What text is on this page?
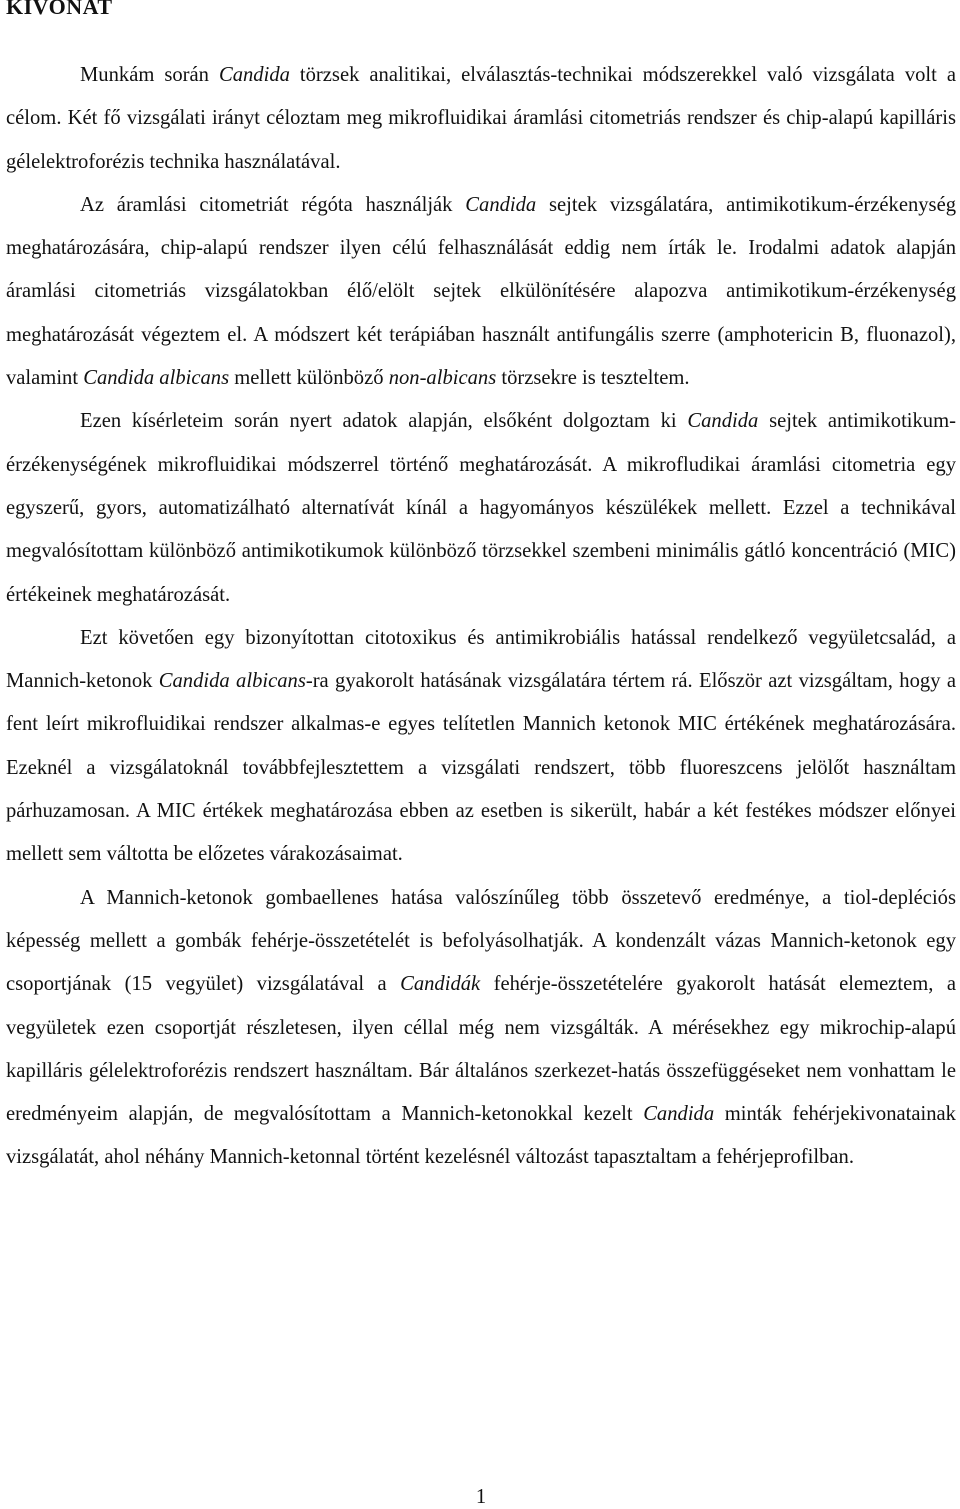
KIVONAT

Munkám során Candida törzsek analitikai, elválasztás-technikai módszerekkel való vizsgálata volt a célom. Két fő vizsgálati irányt céloztam meg mikrofluidikai áramlási citometriás rendszer és chip-alapú kapilláris gélelektroforézis technika használatával.

Az áramlási citometriát régóta használják Candida sejtek vizsgálatára, antimikotikum-érzékenység meghatározására, chip-alapú rendszer ilyen célú felhasználását eddig nem írták le. Irodalmi adatok alapján áramlási citometriás vizsgálatokban élő/elölt sejtek elkülönítésére alapozva antimikotikum-érzékenység meghatározását végeztem el. A módszert két terápiában használt antifungális szerre (amphotericin B, fluonazol), valamint Candida albicans mellett különböző non-albicans törzsekre is teszteltem.

Ezen kísérleteim során nyert adatok alapján, elsőként dolgoztam ki Candida sejtek antimikotikum-érzékenységének mikrofluidikai módszerrel történő meghatározását. A mikrofludikai áramlási citometria egy egyszerű, gyors, automatizálható alternatívát kínál a hagyományos készülékek mellett. Ezzel a technikával megvalósítottam különböző antimikotikumok különböző törzsekkel szembeni minimális gátló koncentráció (MIC) értékeinek meghatározását.

Ezt követően egy bizonyítottan citotoxikus és antimikrobiális hatással rendelkező vegyületcsalád, a Mannich-ketonok Candida albicans-ra gyakorolt hatásának vizsgálatára tértem rá. Először azt vizsgáltam, hogy a fent leírt mikrofluidikai rendszer alkalmas-e egyes telítetlen Mannich ketonok MIC értékének meghatározására. Ezeknél a vizsgálatoknál továbbfejlesztettem a vizsgálati rendszert, több fluoreszcens jelölőt használtam párhuzamosan. A MIC értékek meghatározása ebben az esetben is sikerült, habár a két festékes módszer előnyei mellett sem váltotta be előzetes várakozásaimat.

A Mannich-ketonok gombaellenes hatása valószínűleg több összetevő eredménye, a tiol-depléciós képesség mellett a gombák fehérje-összetételét is befolyásolhatják. A kondenzált vázas Mannich-ketonok egy csoportjának (15 vegyület) vizsgálatával a Candidák fehérje-összetételére gyakorolt hatását elemeztem, a vegyületek ezen csoportját részletesen, ilyen céllal még nem vizsgálták. A mérésekhez egy mikrochip-alapú kapilláris gélelektroforézis rendszert használtam. Bár általános szerkezet-hatás összefüggéseket nem vonhattam le eredményeim alapján, de megvalósítottam a Mannich-ketonokkal kezelt Candida minták fehérjekivonatainak vizsgálatát, ahol néhány Mannich-ketonnal történt kezelésnél változást tapasztaltam a fehérjeprofilban.

1
